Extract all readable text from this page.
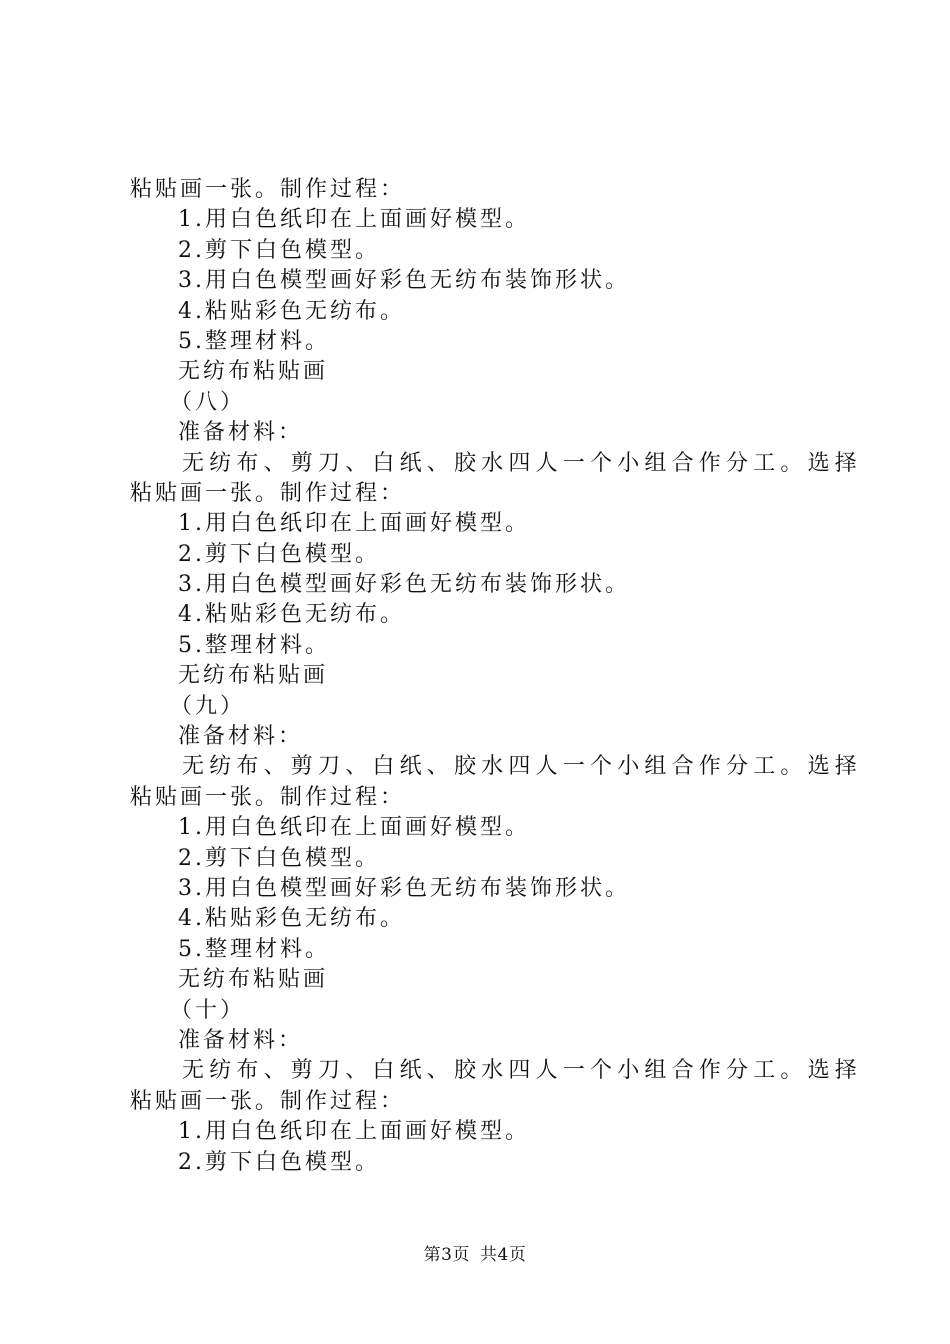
粘贴画一张。制作过程：
1.用白色纸印在上面画好模型。
2.剪下白色模型。
3.用白色模型画好彩色无纺布装饰形状。
4.粘贴彩色无纺布。
5.整理材料。
无纺布粘贴画
（八）
准备材料：
无纺布、剪刀、白纸、胶水四人一个小组合作分工。选择
粘贴画一张。制作过程：
1.用白色纸印在上面画好模型。
2.剪下白色模型。
3.用白色模型画好彩色无纺布装饰形状。
4.粘贴彩色无纺布。
5.整理材料。
无纺布粘贴画
（九）
准备材料：
无纺布、剪刀、白纸、胶水四人一个小组合作分工。选择
粘贴画一张。制作过程：
1.用白色纸印在上面画好模型。
2.剪下白色模型。
3.用白色模型画好彩色无纺布装饰形状。
4.粘贴彩色无纺布。
5.整理材料。
无纺布粘贴画
（十）
准备材料：
无纺布、剪刀、白纸、胶水四人一个小组合作分工。选择
粘贴画一张。制作过程：
1.用白色纸印在上面画好模型。
2.剪下白色模型。
第3页 共4页
